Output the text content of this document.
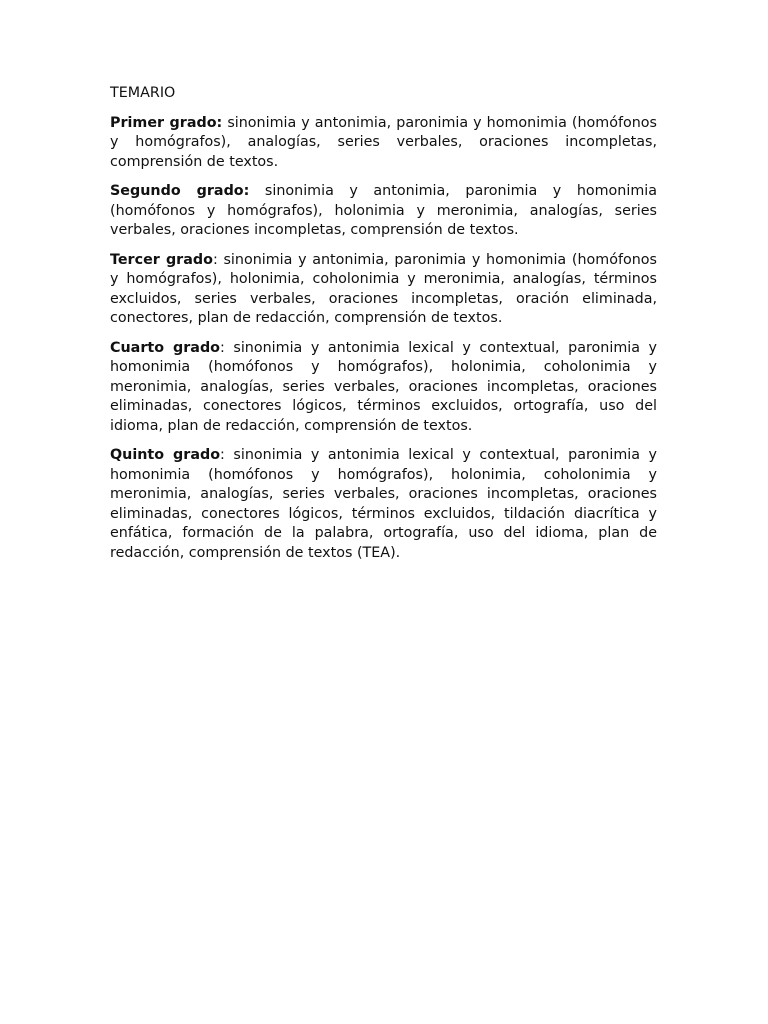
TEMARIO

Primer grado: sinonimia y antonimia, paronimia y homonimia (homófonos y homógrafos), analogías, series verbales, oraciones incompletas, comprensión de textos.

Segundo grado: sinonimia y antonimia, paronimia y homonimia (homófonos y homógrafos), holonimia y meronimia, analogías, series verbales, oraciones incompletas, comprensión de textos.

Tercer grado: sinonimia y antonimia, paronimia y homonimia (homófonos y homógrafos), holonimia, coholonimia y meronimia, analogías, términos excluidos, series verbales, oraciones incompletas, oración eliminada, conectores, plan de redacción, comprensión de textos.

Cuarto grado: sinonimia y antonimia lexical y contextual, paronimia y homonimia (homófonos y homógrafos), holonimia, coholonimia y meronimia, analogías, series verbales, oraciones incompletas, oraciones eliminadas, conectores lógicos, términos excluidos, ortografía, uso del idioma, plan de redacción, comprensión de textos.

Quinto grado: sinonimia y antonimia lexical y contextual, paronimia y homonimia (homófonos y homógrafos), holonimia, coholonimia y meronimia, analogías, series verbales, oraciones incompletas, oraciones eliminadas, conectores lógicos, términos excluidos, tildación diacrítica y enfática, formación de la palabra, ortografía, uso del idioma, plan de redacción, comprensión de textos (TEA).
